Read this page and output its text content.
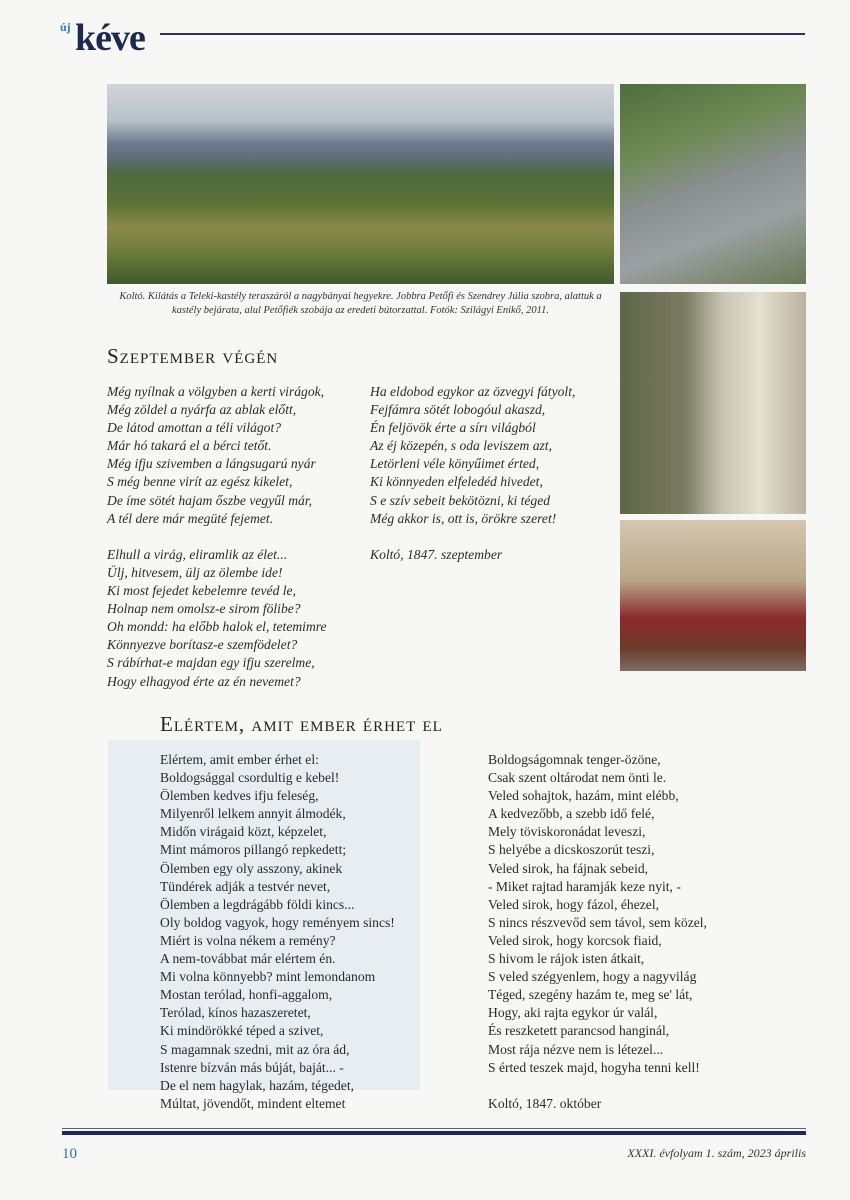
új kéve
Koltó. Kilátás a Teleki-kastély teraszáról a nagybányai hegyekre. Jobbra Petőfi és Szendrey Júlia szobra, alattuk a kastély bejárata, alul Petőfiék szobája az eredeti bútorzattal. Fotók: Szilágyi Enikő, 2011.
Szeptember végén
Még nyílnak a völgyben a kerti virágok,
Még zöldel a nyárfa az ablak előtt,
De látod amottan a téli világot?
Már hó takará el a bérci tetőt.
Még ifju szivemben a lángsugarú nyár
S még benne virít az egész kikelet,
De íme sötét hajam őszbe vegyűl már,
A tél dere már megüté fejemet.
Elhull a virág, eliramlik az élet...
Ülj, hitvesem, ülj az ölembe ide!
Ki most fejedet kebelemre tevéd le,
Holnap nem omolsz-e sirom fölibe?
Oh mondd: ha előbb halok el, tetemimre
Könnyezve borítasz-e szemfödelet?
S rábírhat-e majdan egy ifju szerelme,
Hogy elhagyod érte az én nevemet?
Ha eldobod egykor az özvegyi fátyolt,
Fejfámra sötét lobogóul akaszd,
Én feljövök érte a sírı világból
Az éj közepén, s oda leviszem azt,
Letörleni véle könyűimet érted,
Ki könnyeden elfeledéd hivedet,
S e szív sebeit bekötözni, ki téged
Még akkor is, ott is, örökre szeret!
Koltó, 1847. szeptember
Elértem, amit ember érhet el
Elértem, amit ember érhet el:
Boldogsággal csordultig e kebel!
Ölemben kedves ifju feleség,
Milyenről lelkem annyit álmodék,
Midőn virágaid közt, képzelet,
Mint mámoros pillangó repkedett;
Ölemben egy oly asszony, akinek
Tündérek adják a testvér nevet,
Ölemben a legdrágább földi kincs...
Oly boldog vagyok, hogy reményem sincs!
Miért is volna nékem a remény?
A nem-továbbat már elértem én.
Mi volna könnyebb? mint lemondanom
Mostan terólad, honfi-aggalom,
Terólad, kínos hazaszeretet,
Ki mindörökké téped a szivet,
S magamnak szedni, mit az óra ád,
Istenre bízván más búját, baját... -
De el nem hagylak, hazám, tégedet,
Múltat, jövendőt, mindent eltemet
Boldogságomnak tenger-özöne,
Csak szent oltárodat nem önti le.
Veled sohajtok, hazám, mint elébb,
A kedvezőbb, a szebb idő felé,
Mely töviskoronádat leveszi,
S helyébe a dicskoszorút teszi,
Veled sirok, ha fájnak sebeid,
- Miket rajtad haramják keze nyit, -
Veled sirok, hogy fázol, éhezel,
S nincs részvevőd sem távol, sem közel,
Veled sirok, hogy korcsok fiaid,
S hivom le rájok isten átkait,
S veled szégyenlem, hogy a nagyvilág
Téged, szegény hazám te, meg se' lát,
Hogy, aki rajta egykor úr valál,
És reszketett parancsod hanginál,
Most rája nézve nem is létezel...
S érted teszek majd, hogyha tenni kell!
Koltó, 1847. október
10	XXXI. évfolyam 1. szám, 2023 április
